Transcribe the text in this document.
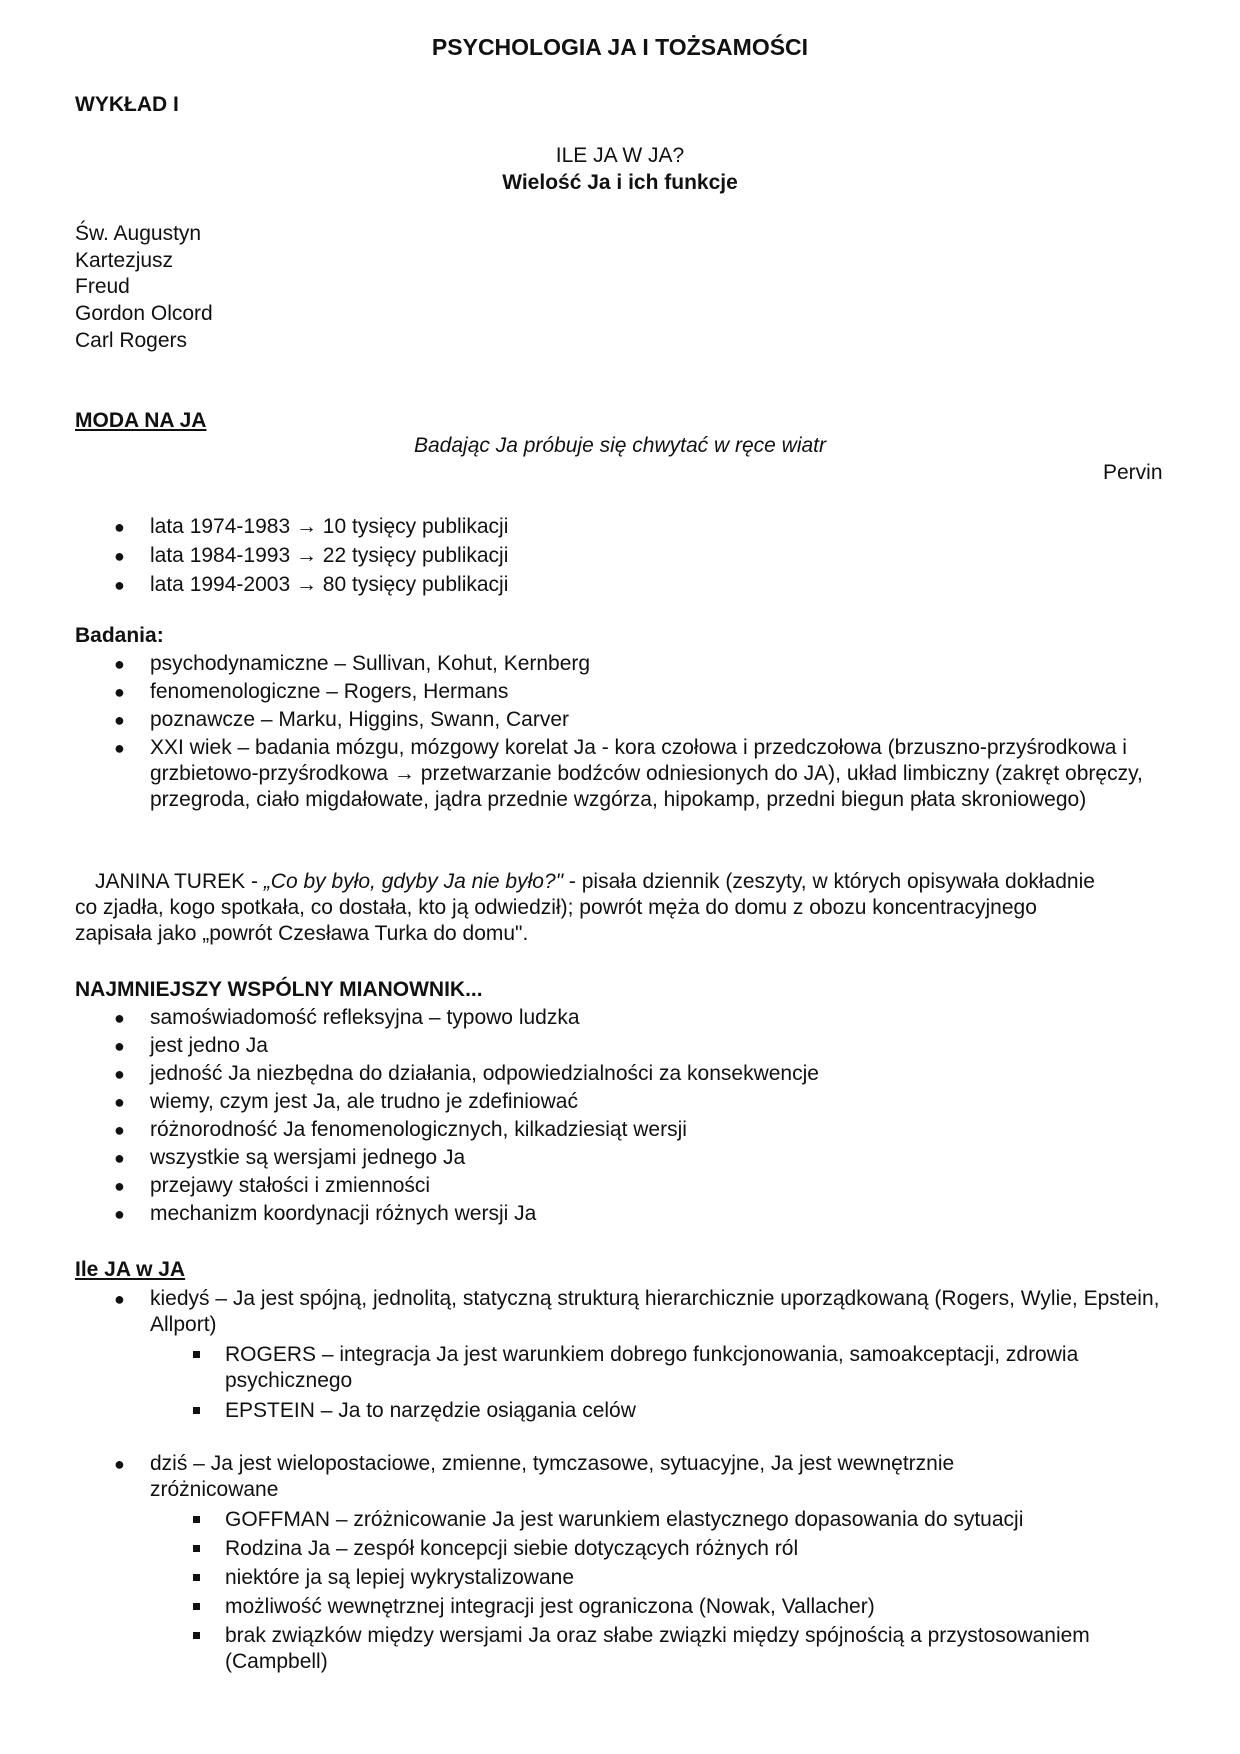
PSYCHOLOGIA JA I TOŻSAMOŚCI
WYKŁAD I
ILE JA W JA?
Wielość Ja i ich funkcje
Św. Augustyn
Kartezjusz
Freud
Gordon Olcord
Carl Rogers
MODA NA JA
Badając Ja próbuje się chwytać w ręce wiatr
Pervin
● lata 1974-1983 → 10 tysięcy publikacji
● lata 1984-1993 → 22 tysięcy publikacji
● lata 1994-2003 → 80 tysięcy publikacji
Badania:
● psychodynamiczne – Sullivan, Kohut, Kernberg
● fenomenologiczne – Rogers, Hermans
● poznawcze – Marku, Higgins, Swann, Carver
● XXI wiek – badania mózgu, mózgowy korelat Ja - kora czołowa i przedczołowa (brzuszno-przyśrodkowa i grzbietowo-przyśrodkowa → przetwarzanie bodźców odniesionych do JA), układ limbiczny (zakręt obręczy, przegroda, ciało migdałowate, jądra przednie wzgórza, hipokamp, przedni biegun płata skroniowego)
JANINA TUREK - „Co by było, gdyby Ja nie było?" - pisała dziennik (zeszyty, w których opisywała dokładnie co zjadła, kogo spotkała, co dostała, kto ją odwiedził); powrót męża do domu z obozu koncentracyjnego zapisała jako „powrót Czesława Turka do domu".
NAJMNIEJSZY WSPÓLNY MIANOWNIK...
● samoświadomość refleksyjna – typowo ludzka
● jest jedno Ja
● jedność Ja niezbędna do działania, odpowiedzialności za konsekwencje
● wiemy, czym jest Ja, ale trudno je zdefiniować
● różnorodność Ja fenomenologicznych, kilkadziesiąt wersji
● wszystkie są wersjami jednego Ja
● przejawy stałości i zmienności
● mechanizm koordynacji różnych wersji Ja
Ile JA w JA
● kiedyś – Ja jest spójną, jednolitą, statyczną strukturą hierarchicznie uporządkowaną (Rogers, Wylie, Epstein, Allport)
ROGERS – integracja Ja jest warunkiem dobrego funkcjonowania, samoakceptacji, zdrowia psychicznego
EPSTEIN – Ja to narzędzie osiągania celów
● dziś – Ja jest wielopostaciowe, zmienne, tymczasowe, sytuacyjne, Ja jest wewnętrznie zróżnicowane
GOFFMAN – zróżnicowanie Ja jest warunkiem elastycznego dopasowania do sytuacji
Rodzina Ja – zespół koncepcji siebie dotyczących różnych ról
niektóre ja są lepiej wykrystalizowane
możliwość wewnętrznej integracji jest ograniczona (Nowak, Vallacher)
brak związków między wersjami Ja oraz słabe związki między spójnością a przystosowaniem (Campbell)
